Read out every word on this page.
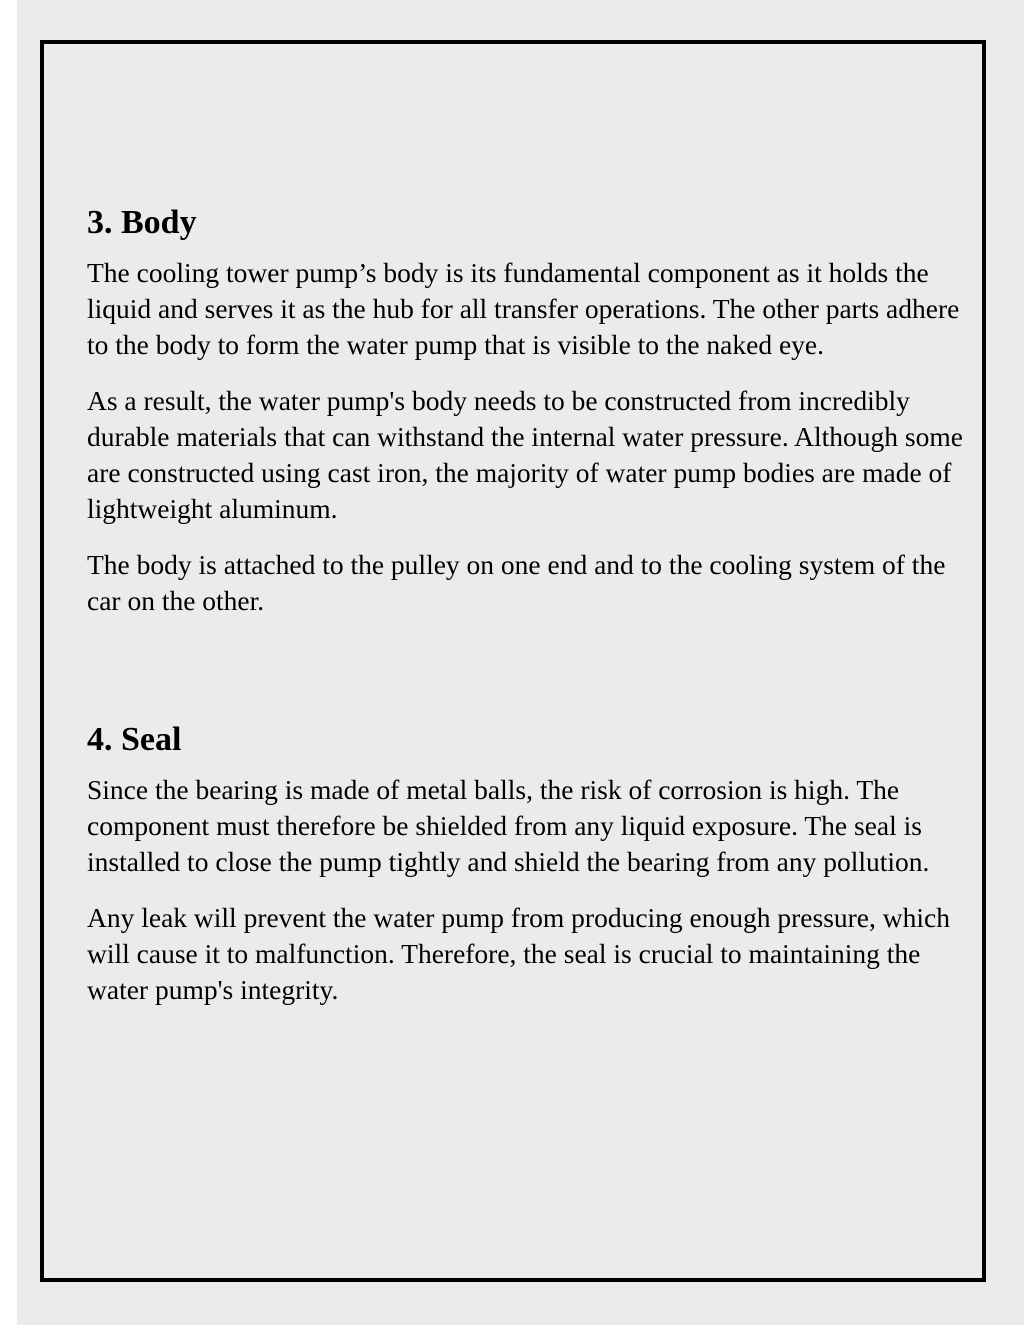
3. Body

The cooling tower pump’s body is its fundamental component as it holds the liquid and serves it as the hub for all transfer operations. The other parts adhere to the body to form the water pump that is visible to the naked eye.

As a result, the water pump's body needs to be constructed from incredibly durable materials that can withstand the internal water pressure. Although some are constructed using cast iron, the majority of water pump bodies are made of lightweight aluminum.

The body is attached to the pulley on one end and to the cooling system of the car on the other.

4. Seal

Since the bearing is made of metal balls, the risk of corrosion is high. The component must therefore be shielded from any liquid exposure. The seal is installed to close the pump tightly and shield the bearing from any pollution.

Any leak will prevent the water pump from producing enough pressure, which will cause it to malfunction. Therefore, the seal is crucial to maintaining the water pump's integrity.
